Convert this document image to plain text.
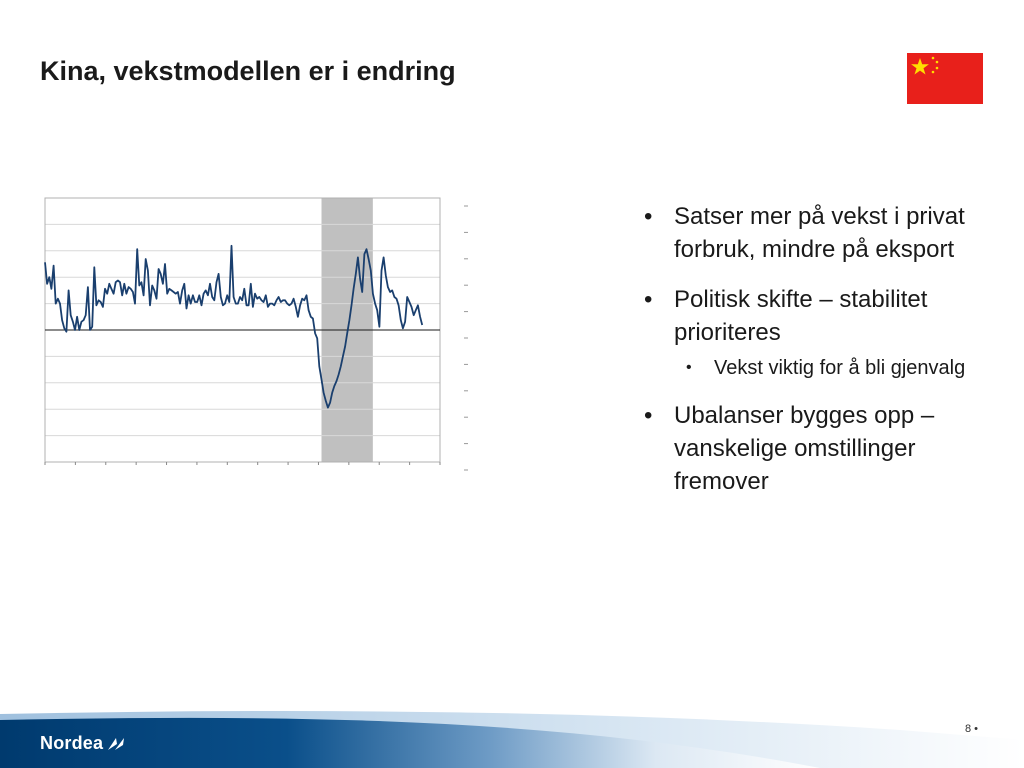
Kina, vekstmodellen er i endring
• Satser mer på vekst i privat forbruk, mindre på eksport
• Politisk skifte – stabilitet prioriteres
• Vekst viktig for å bli gjenvalg
• Ubalanser bygges opp – vanskelige omstillinger fremover
Nordea
8 •
